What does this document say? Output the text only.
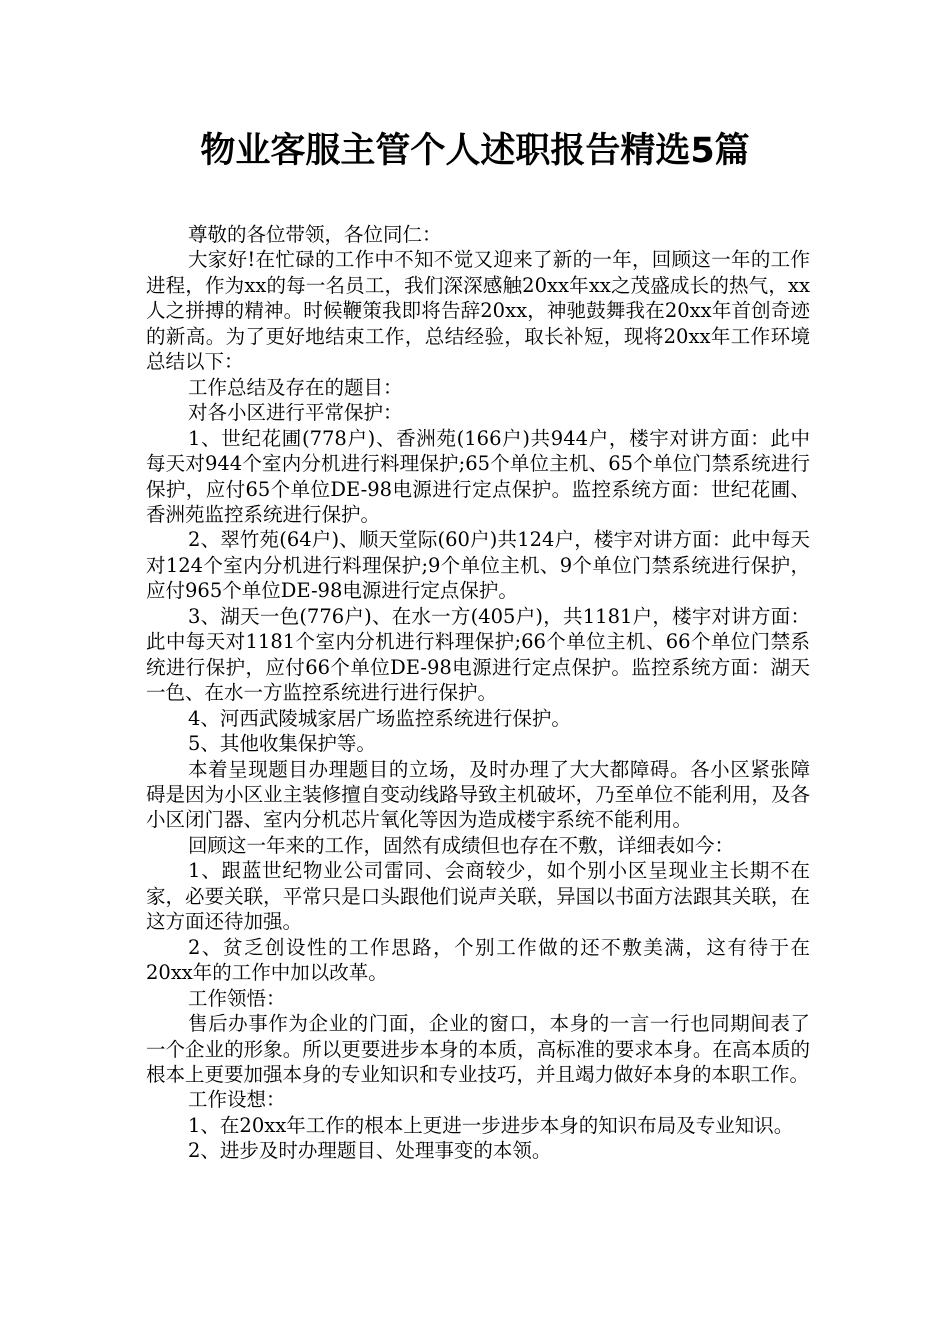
物业客服主管个人述职报告精选5篇

尊敬的各位带领，各位同仁：

大家好!在忙碌的工作中不知不觉又迎来了新的一年，回顾这一年的工作进程，作为xx的每一名员工，我们深深感触20xx年xx之茂盛成长的热气，xx人之拼搏的精神。时候鞭策我即将告辞20xx，神驰鼓舞我在20xx年首创奇迹的新高。为了更好地结束工作，总结经验，取长补短，现将20xx年工作环境总结以下：

工作总结及存在的题目：

对各小区进行平常保护：

1、世纪花圃(778户)、香洲苑(166户)共944户，楼宇对讲方面：此中每天对944个室内分机进行料理保护;65个单位主机、65个单位门禁系统进行保护，应付65个单位DE-98电源进行定点保护。监控系统方面：世纪花圃、香洲苑监控系统进行保护。

2、翠竹苑(64户)、顺天堂际(60户)共124户，楼宇对讲方面：此中每天对124个室内分机进行料理保护;9个单位主机、9个单位门禁系统进行保护，应付965个单位DE-98电源进行定点保护。

3、湖天一色(776户)、在水一方(405户)，共1181户，楼宇对讲方面：此中每天对1181个室内分机进行料理保护;66个单位主机、66个单位门禁系统进行保护，应付66个单位DE-98电源进行定点保护。监控系统方面：湖天一色、在水一方监控系统进行进行保护。

4、河西武陵城家居广场监控系统进行保护。

5、其他收集保护等。

本着呈现题目办理题目的立场，及时办理了大大都障碍。各小区紧张障碍是因为小区业主装修擅自变动线路导致主机破坏，乃至单位不能利用，及各小区闭门器、室内分机芯片氧化等因为造成楼宇系统不能利用。

回顾这一年来的工作，固然有成绩但也存在不敷，详细表如今：

1、跟蓝世纪物业公司雷同、会商较少，如个别小区呈现业主长期不在家，必要关联，平常只是口头跟他们说声关联，异国以书面方法跟其关联，在这方面还待加强。

2、贫乏创设性的工作思路，个别工作做的还不敷美满，这有待于在20xx年的工作中加以改革。

工作领悟：

售后办事作为企业的门面，企业的窗口，本身的一言一行也同期间表了一个企业的形象。所以更要进步本身的本质，高标准的要求本身。在高本质的根本上更要加强本身的专业知识和专业技巧，并且竭力做好本身的本职工作。

工作设想：

1、在20xx年工作的根本上更进一步进步本身的知识布局及专业知识。

2、进步及时办理题目、处理事变的本领。
